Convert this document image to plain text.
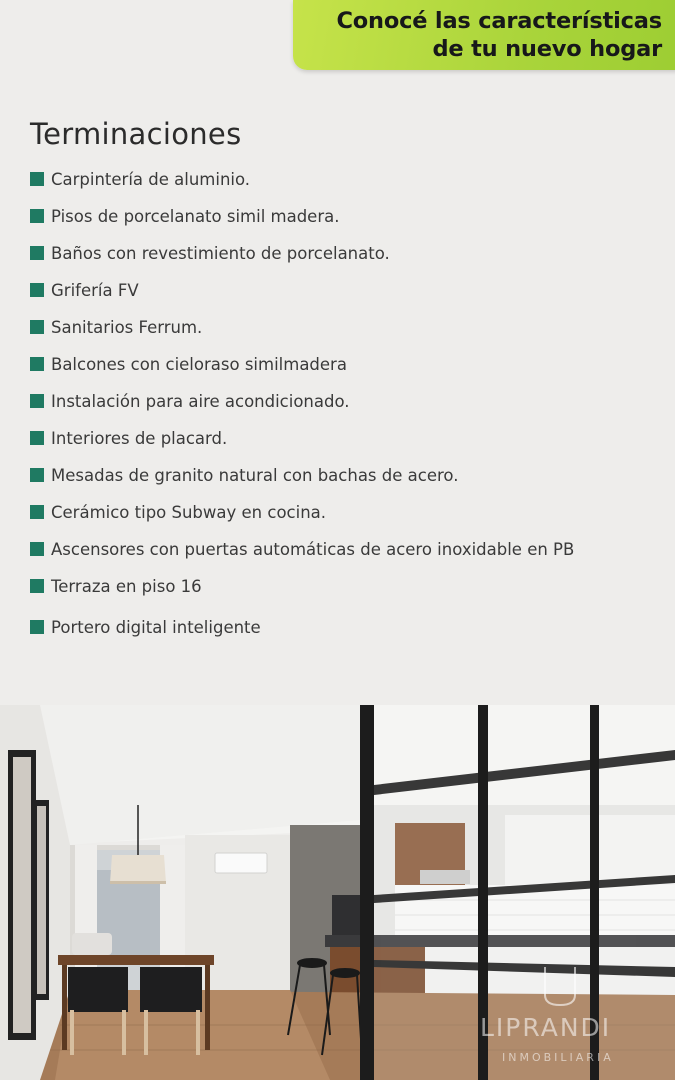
Conocé las características
de tu nuevo hogar
Terminaciones
Carpintería de aluminio.
Pisos de porcelanato simil madera.
Baños con revestimiento de porcelanato.
Grifería FV
Sanitarios Ferrum.
Balcones con cieloraso similmadera
Instalación para aire acondicionado.
Interiores de placard.
Mesadas de granito natural con bachas de acero.
Cerámico tipo Subway en cocina.
Ascensores con puertas automáticas de acero inoxidable en PB
Terraza en piso 16
Portero digital inteligente
LIPRANDI
INMOBILIARIA
